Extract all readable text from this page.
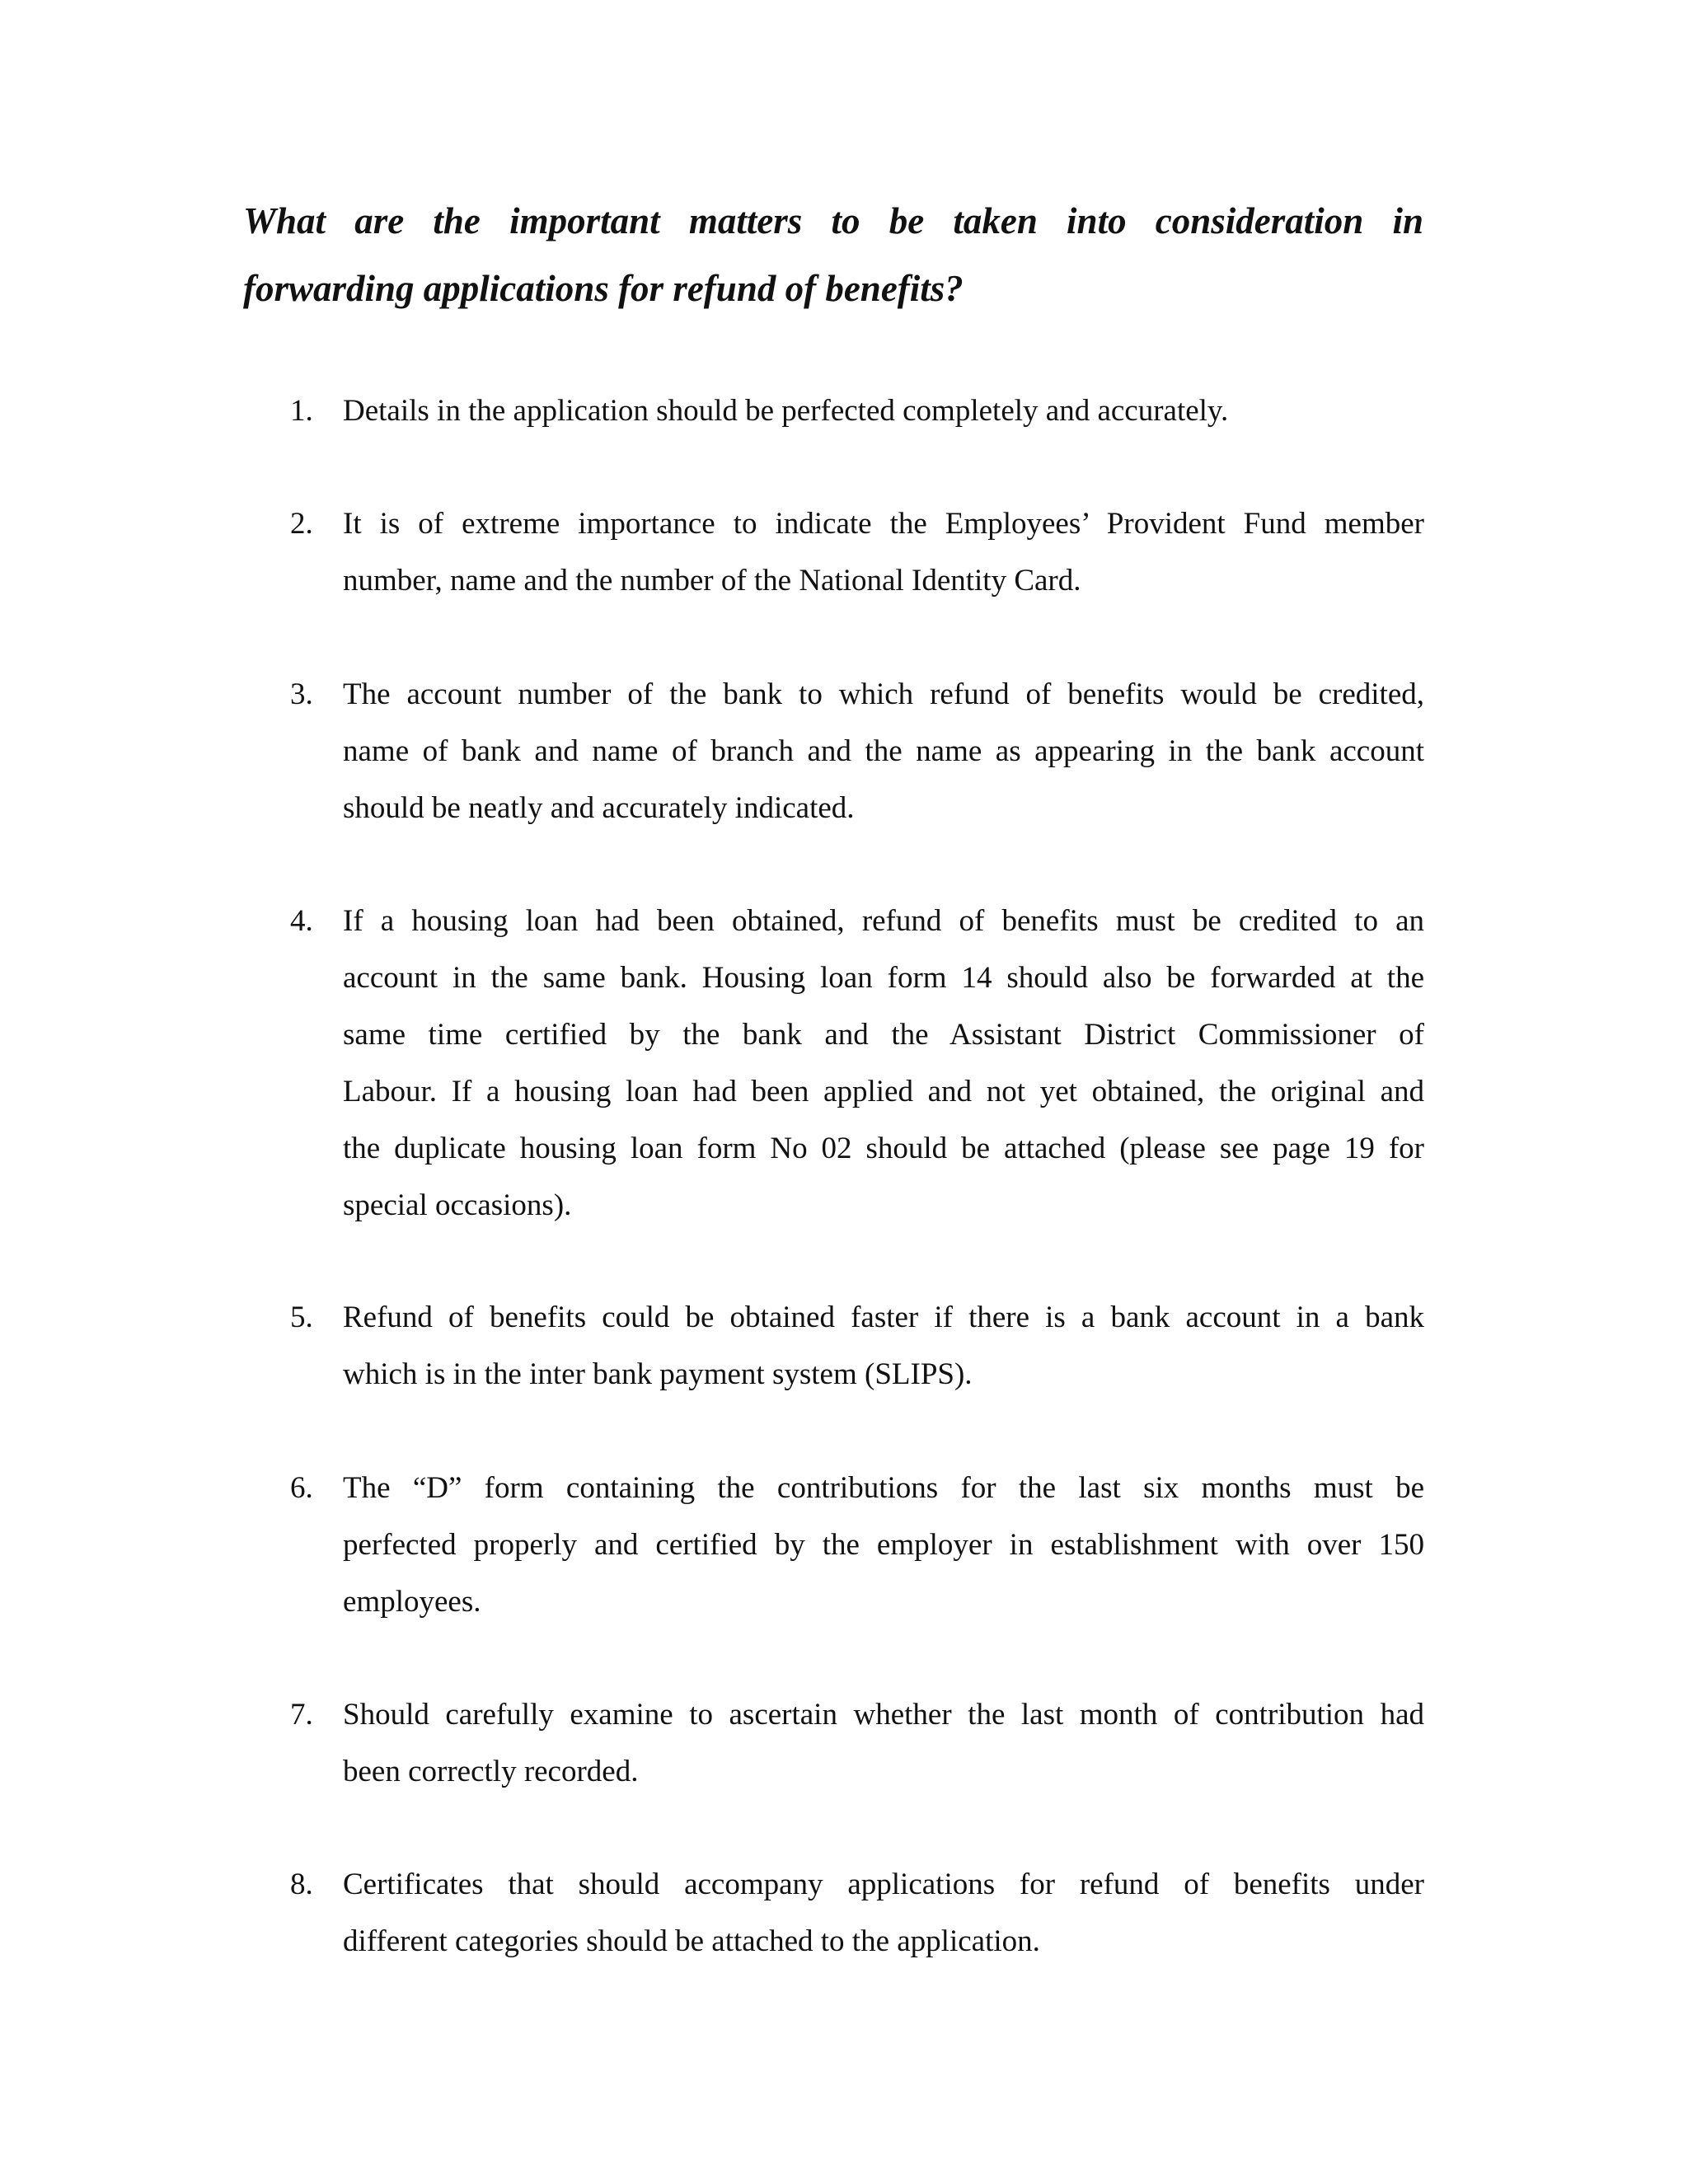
What are the important matters to be taken into consideration in
forwarding applications for refund of benefits?
1. Details in the application should be perfected completely and accurately.
2. It is of extreme importance to indicate the Employees’ Provident Fund member
number, name and the number of the National Identity Card.
3. The account number of the bank to which refund of benefits would be credited,
name of bank and name of branch and the name as appearing in the bank account
should be neatly and accurately indicated.
4. If a housing loan had been obtained, refund of benefits must be credited to an
account in the same bank. Housing loan form 14 should also be forwarded at the
same time certified by the bank and the Assistant District Commissioner of
Labour. If a housing loan had been applied and not yet obtained, the original and
the duplicate housing loan form No 02 should be attached (please see page 19 for
special occasions).
5. Refund of benefits could be obtained faster if there is a bank account in a bank
which is in the inter bank payment system (SLIPS).
6. The “D” form containing the contributions for the last six months must be
perfected properly and certified by the employer in establishment with over 150
employees.
7. Should carefully examine to ascertain whether the last month of contribution had
been correctly recorded.
8. Certificates that should accompany applications for refund of benefits under
different categories should be attached to the application.
